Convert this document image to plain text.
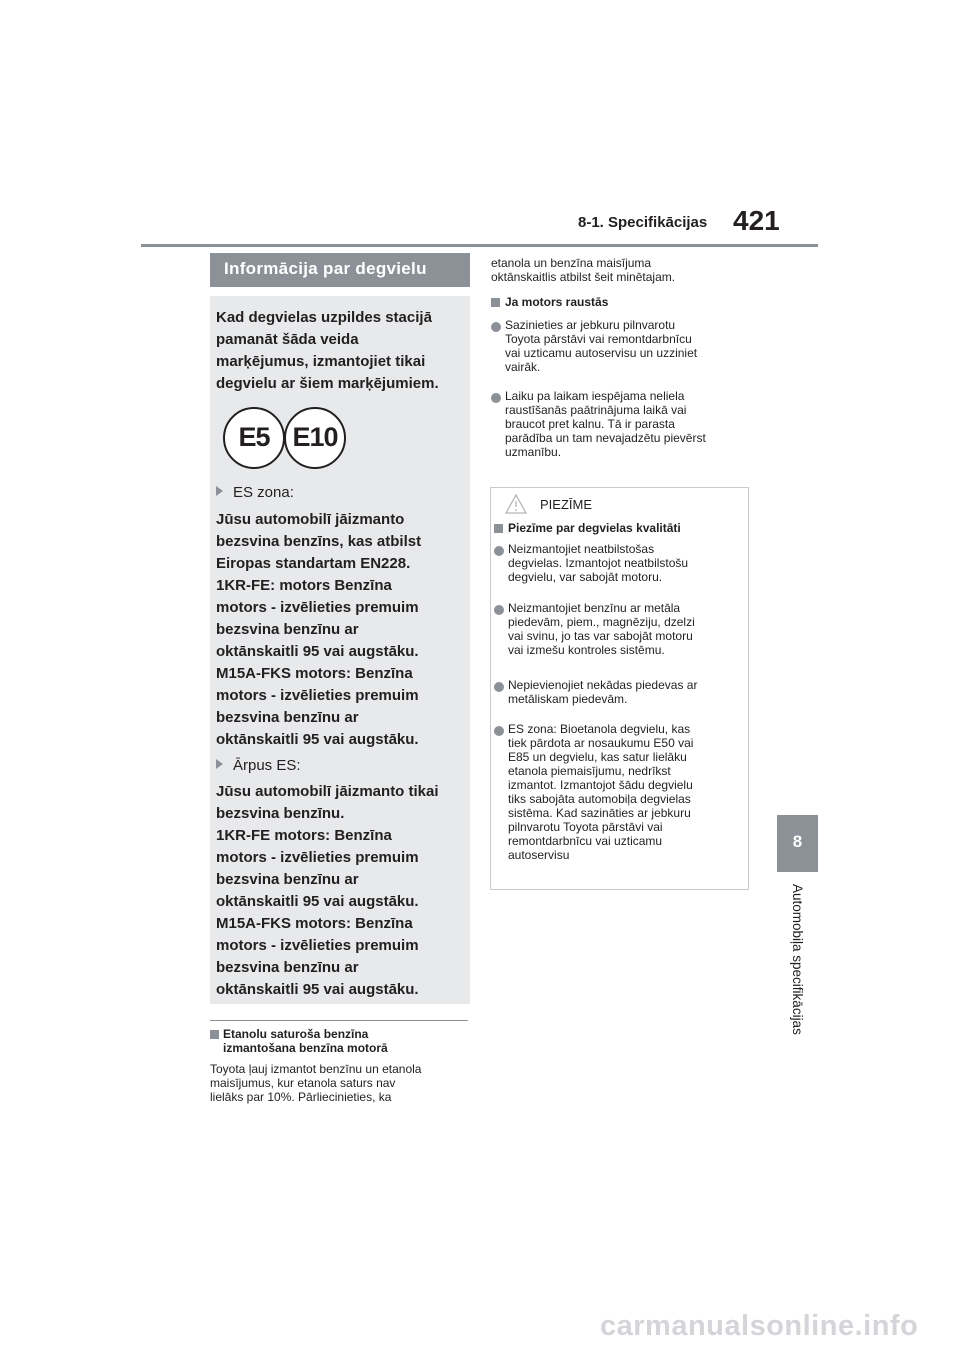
8-1. Specifikācijas 421
8
Automobiļa specifikācijas
Informācija par degvielu
Kad degvielas uzpildes stacijā
pamanāt šāda veida
marķējumus, izmantojiet tikai
degvielu ar šiem marķējumiem.
E5 E10
ES zona:
Jūsu automobilī jāizmanto
bezsvina benzīns, kas atbilst
Eiropas standartam EN228.
1KR-FE: motors Benzīna
motors - izvēlieties premuim
bezsvina benzīnu ar
oktānskaitli 95 vai augstāku.
M15A-FKS motors: Benzīna
motors - izvēlieties premuim
bezsvina benzīnu ar
oktānskaitli 95 vai augstāku.
Ārpus ES:
Jūsu automobilī jāizmanto tikai
bezsvina benzīnu.
1KR-FE motors: Benzīna
motors - izvēlieties premuim
bezsvina benzīnu ar
oktānskaitli 95 vai augstāku.
M15A-FKS motors: Benzīna
motors - izvēlieties premuim
bezsvina benzīnu ar
oktānskaitli 95 vai augstāku.
Etanolu saturoša benzīna
izmantošana benzīna motorā
Toyota ļauj izmantot benzīnu un etanola
maisījumus, kur etanola saturs nav
lielāks par 10%. Pārliecinieties, ka
etanola un benzīna maisījuma
oktānskaitlis atbilst šeit minētajam.
Ja motors raustās
Sazinieties ar jebkuru pilnvarotu
Toyota pārstāvi vai remontdarbnīcu
vai uzticamu autoservisu un uzziniet
vairāk.
Laiku pa laikam iespējama neliela
raustīšanās paātrinājuma laikā vai
braucot pret kalnu. Tā ir parasta
parādība un tam nevajadzētu pievērst
uzmanību.
PIEZĪME
Piezīme par degvielas kvalitāti
Neizmantojiet neatbilstošas
degvielas. Izmantojot neatbilstošu
degvielu, var sabojāt motoru.
Neizmantojiet benzīnu ar metāla
piedevām, piem., magnēziju, dzelzi
vai svinu, jo tas var sabojāt motoru
vai izmešu kontroles sistēmu.
Nepievienojiet nekādas piedevas ar
metāliskam piedevām.
ES zona: Bioetanola degvielu, kas
tiek pārdota ar nosaukumu E50 vai
E85 un degvielu, kas satur lielāku
etanola piemaisījumu, nedrīkst
izmantot. Izmantojot šādu degvielu
tiks sabojāta automobiļa degvielas
sistēma. Kad sazināties ar jebkuru
pilnvarotu Toyota pārstāvi vai
remontdarbnīcu vai uzticamu
autoservisu
carmanualsonline.info
